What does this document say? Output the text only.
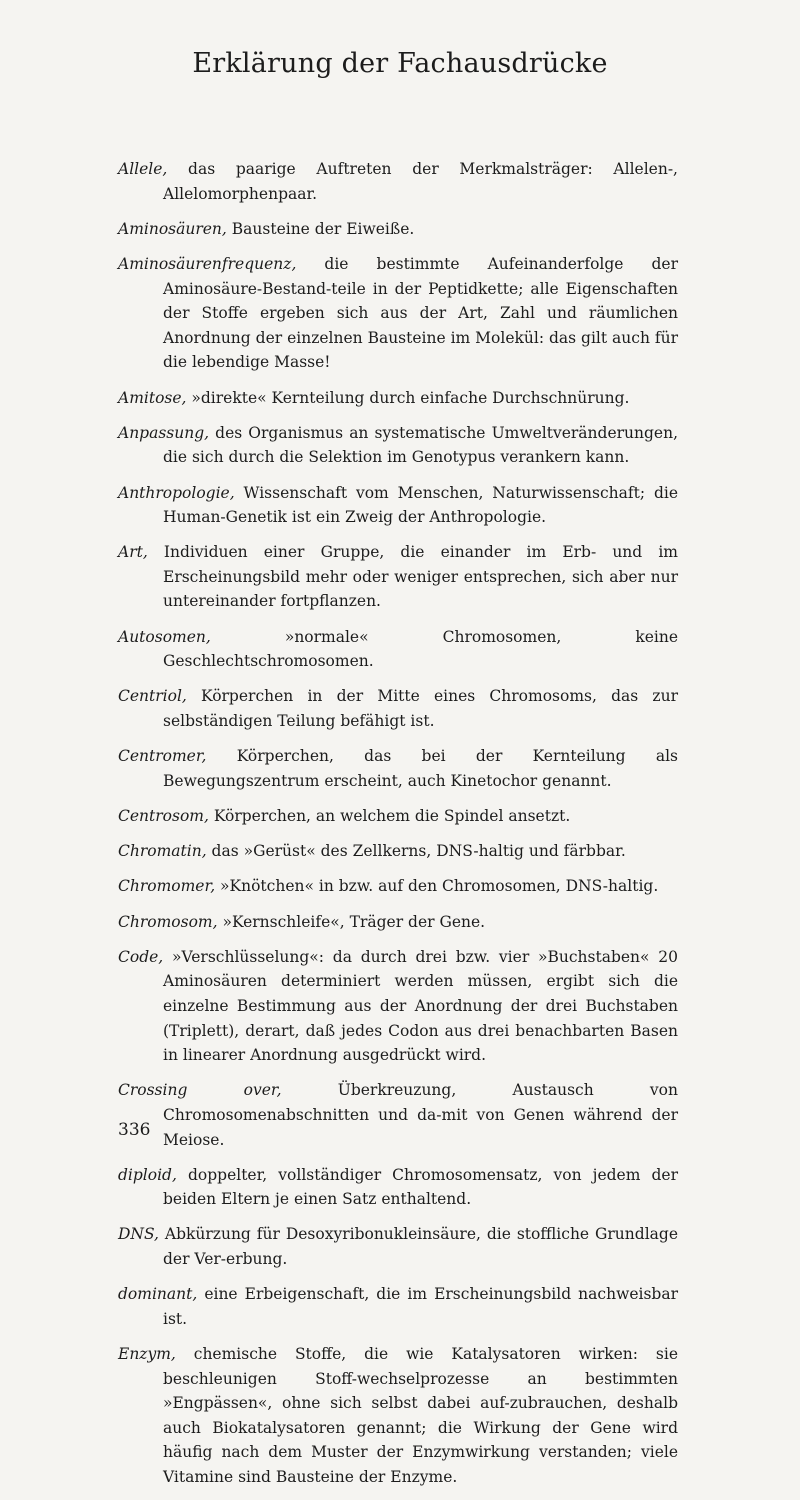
Erklärung der Fachausdrücke

Allele, das paarige Auftreten der Merkmalsträger: Allelen-, Allelomorphenpaar.

Aminosäuren, Bausteine der Eiweiße.

Aminosäurenfrequenz, die bestimmte Aufeinanderfolge der Aminosäure-Bestand-teile in der Peptidkette; alle Eigenschaften der Stoffe ergeben sich aus der Art, Zahl und räumlichen Anordnung der einzelnen Bausteine im Molekül: das gilt auch für die lebendige Masse!

Amitose, »direkte« Kernteilung durch einfache Durchschnürung.

Anpassung, des Organismus an systematische Umweltveränderungen, die sich durch die Selektion im Genotypus verankern kann.

Anthropologie, Wissenschaft vom Menschen, Naturwissenschaft; die Human-Genetik ist ein Zweig der Anthropologie.

Art, Individuen einer Gruppe, die einander im Erb- und im Erscheinungsbild mehr oder weniger entsprechen, sich aber nur untereinander fortpflanzen.

Autosomen, »normale« Chromosomen, keine Geschlechtschromosomen.

Centriol, Körperchen in der Mitte eines Chromosoms, das zur selbständigen Teilung befähigt ist.

Centromer, Körperchen, das bei der Kernteilung als Bewegungszentrum erscheint, auch Kinetochor genannt.

Centrosom, Körperchen, an welchem die Spindel ansetzt.

Chromatin, das »Gerüst« des Zellkerns, DNS-haltig und färbbar.

Chromomer, »Knötchen« in bzw. auf den Chromosomen, DNS-haltig.

Chromosom, »Kernschleife«, Träger der Gene.

Code, »Verschlüsselung«: da durch drei bzw. vier »Buchstaben« 20 Aminosäuren determiniert werden müssen, ergibt sich die einzelne Bestimmung aus der Anordnung der drei Buchstaben (Triplett), derart, daß jedes Codon aus drei benachbarten Basen in linearer Anordnung ausgedrückt wird.

Crossing over, Überkreuzung, Austausch von Chromosomenabschnitten und da-mit von Genen während der Meiose.

diploid, doppelter, vollständiger Chromosomensatz, von jedem der beiden Eltern je einen Satz enthaltend.

DNS, Abkürzung für Desoxyribonukleinsäure, die stoffliche Grundlage der Ver-erbung.

dominant, eine Erbeigenschaft, die im Erscheinungsbild nachweisbar ist.

Enzym, chemische Stoffe, die wie Katalysatoren wirken: sie beschleunigen Stoff-wechselprozesse an bestimmten »Engpässen«, ohne sich selbst dabei auf-zubrauchen, deshalb auch Biokatalysatoren genannt; die Wirkung der Gene wird häufig nach dem Muster der Enzymwirkung verstanden; viele Vitamine sind Bausteine der Enzyme.

336
